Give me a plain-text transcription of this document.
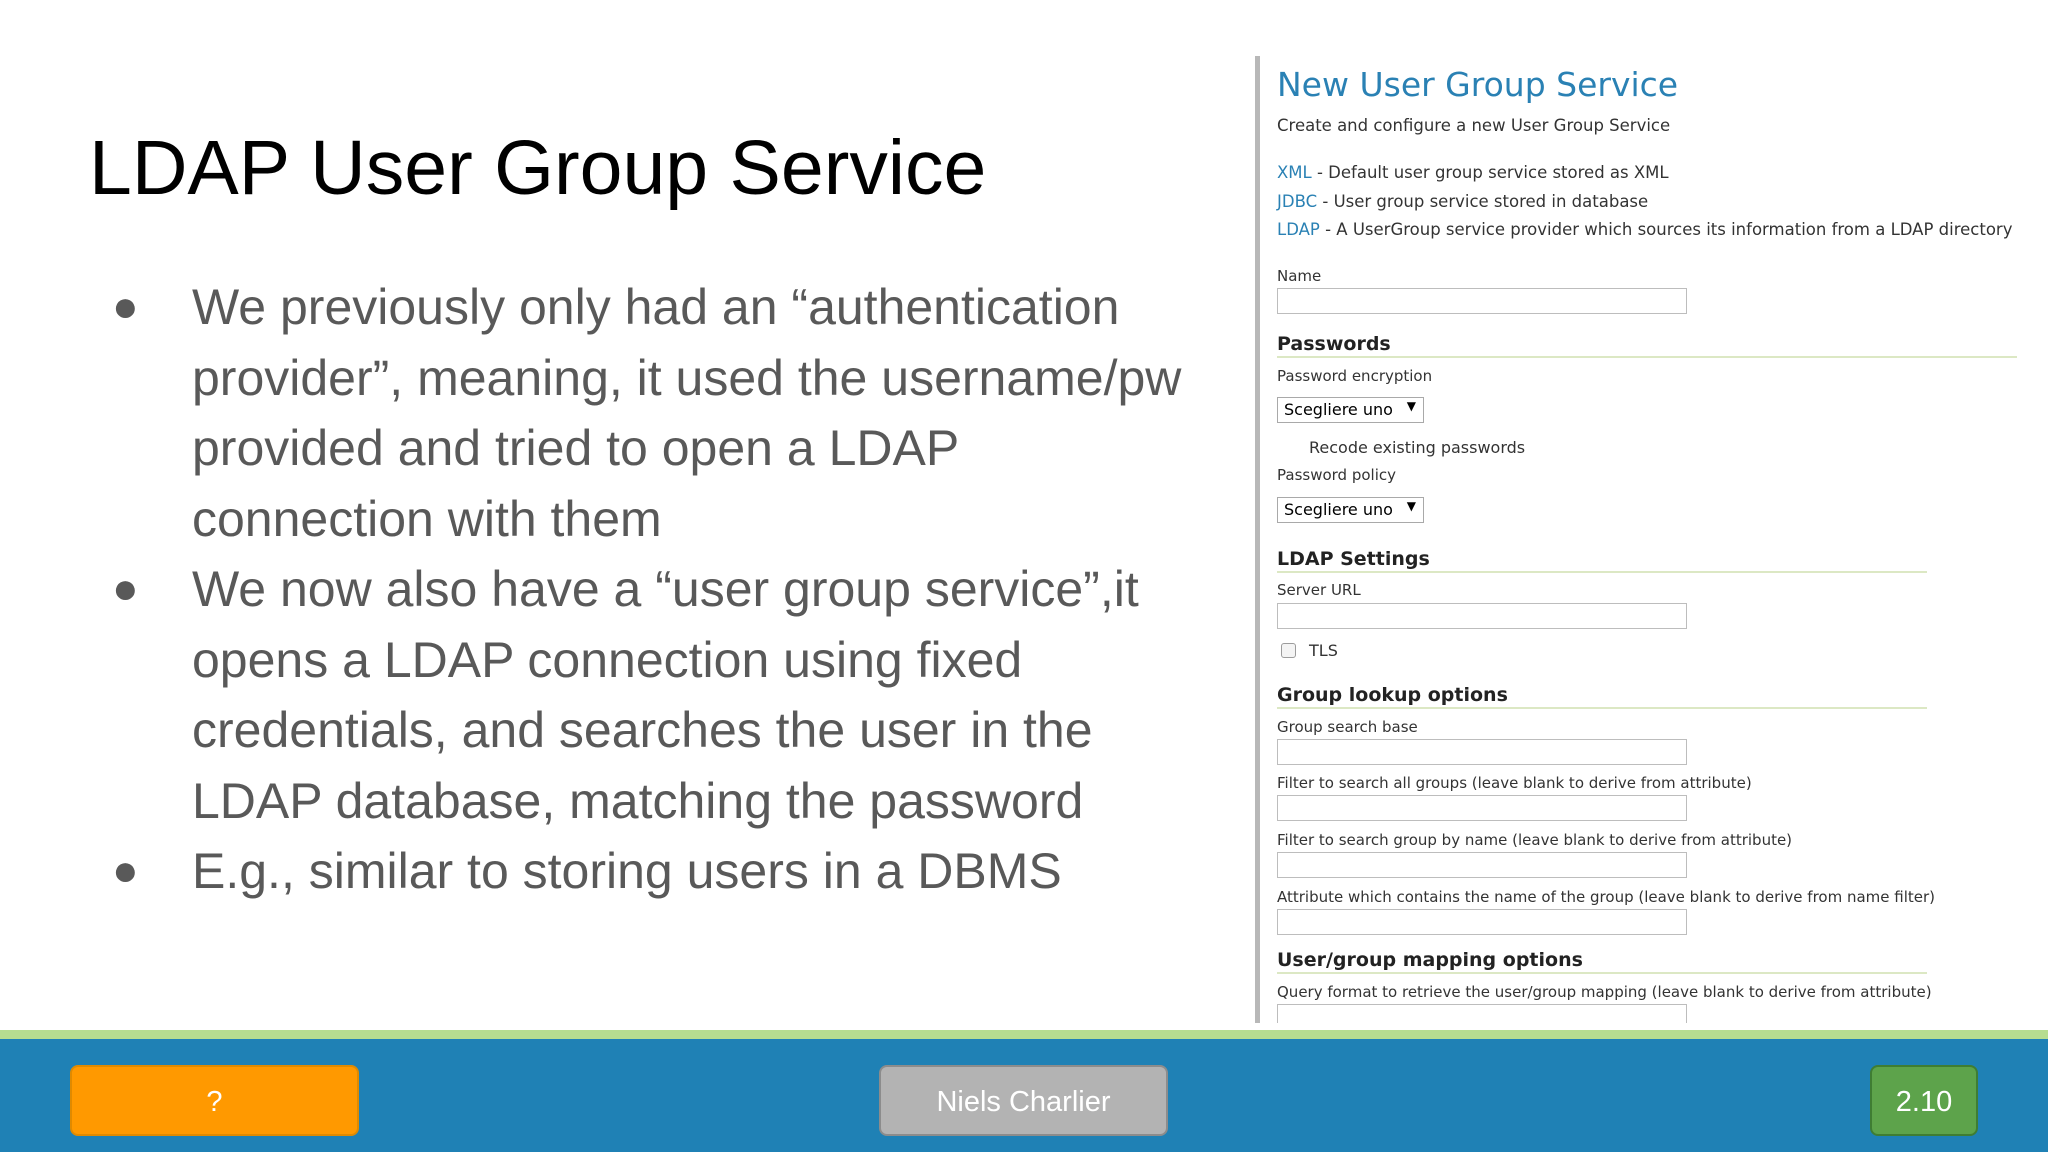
LDAP User Group Service
● We previously only had an “authentication provider”, meaning, it used the username/pw provided and tried to open a LDAP connection with them
● We now also have a “user group service”,it opens a LDAP connection using fixed credentials, and searches the user in the LDAP database, matching the password
● E.g., similar to storing users in a DBMS
New User Group Service
Create and configure a new User Group Service
XML - Default user group service stored as XML
JDBC - User group service stored in database
LDAP - A UserGroup service provider which sources its information from a LDAP directory
Name
Passwords
Password encryption
Scegliere uno ▼
Recode existing passwords
Password policy
Scegliere uno ▼
LDAP Settings
Server URL
TLS
Group lookup options
Group search base
Filter to search all groups (leave blank to derive from attribute)
Filter to search group by name (leave blank to derive from attribute)
Attribute which contains the name of the group (leave blank to derive from name filter)
User/group mapping options
Query format to retrieve the user/group mapping (leave blank to derive from attribute)
?	Niels Charlier	2.10
